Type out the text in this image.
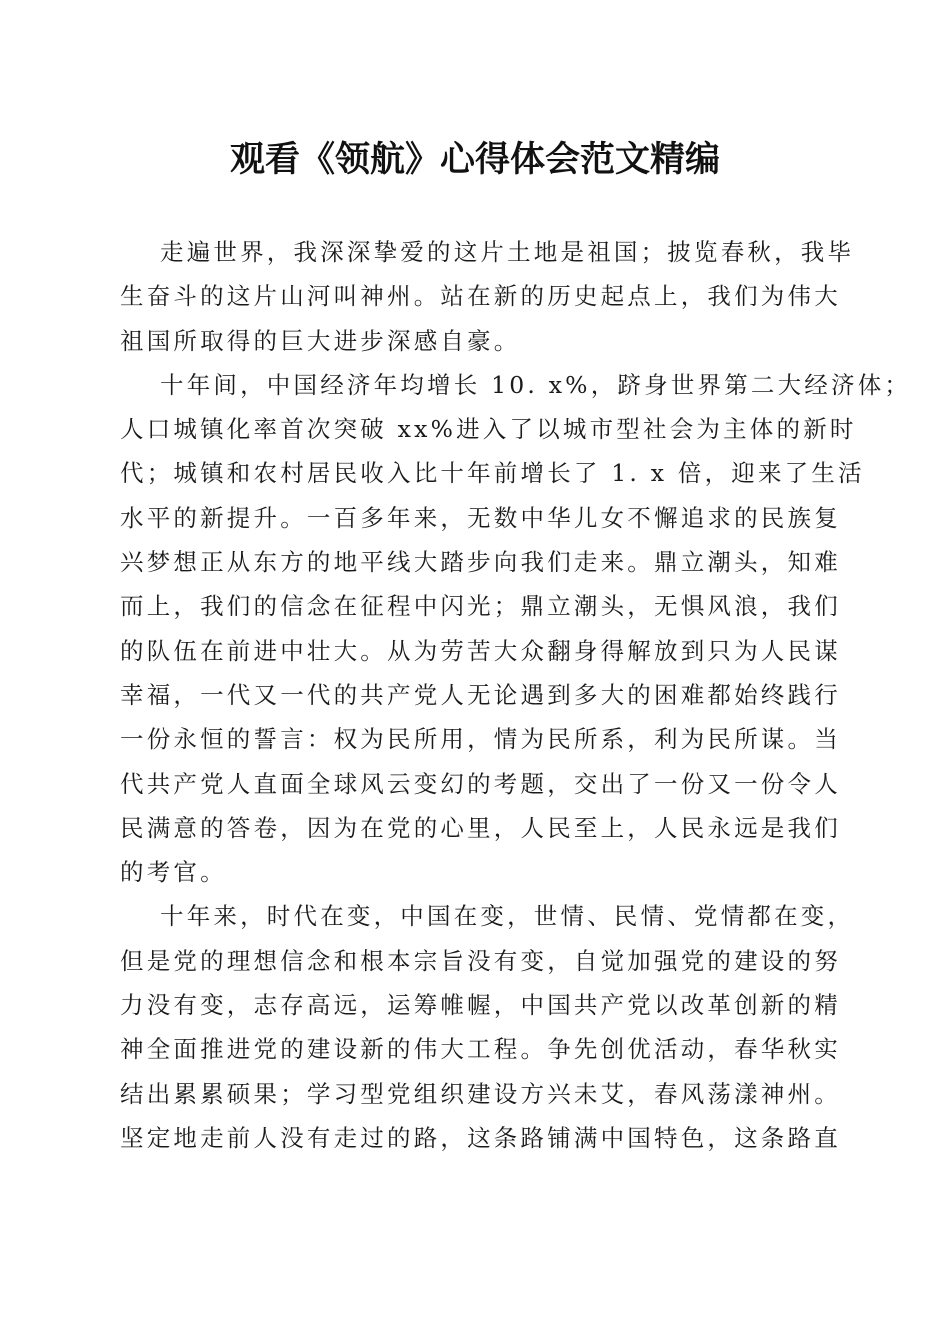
观看《领航》心得体会范文精编
走遍世界，我深深挚爱的这片土地是祖国；披览春秋，我毕
生奋斗的这片山河叫神州。站在新的历史起点上，我们为伟大
祖国所取得的巨大进步深感自豪。
十年间，中国经济年均增长 10. x%，跻身世界第二大经济体；
人口城镇化率首次突破 xx%进入了以城市型社会为主体的新时
代；城镇和农村居民收入比十年前增长了 1. x 倍，迎来了生活
水平的新提升。一百多年来，无数中华儿女不懈追求的民族复
兴梦想正从东方的地平线大踏步向我们走来。鼎立潮头，知难
而上，我们的信念在征程中闪光；鼎立潮头，无惧风浪，我们
的队伍在前进中壮大。从为劳苦大众翻身得解放到只为人民谋
幸福，一代又一代的共产党人无论遇到多大的困难都始终践行
一份永恒的誓言：权为民所用，情为民所系，利为民所谋。当
代共产党人直面全球风云变幻的考题，交出了一份又一份令人
民满意的答卷，因为在党的心里，人民至上，人民永远是我们
的考官。
十年来，时代在变，中国在变，世情、民情、党情都在变，
但是党的理想信念和根本宗旨没有变，自觉加强党的建设的努
力没有变，志存高远，运筹帷幄，中国共产党以改革创新的精
神全面推进党的建设新的伟大工程。争先创优活动，春华秋实
结出累累硕果；学习型党组织建设方兴未艾，春风荡漾神州。
坚定地走前人没有走过的路，这条路铺满中国特色，这条路直
